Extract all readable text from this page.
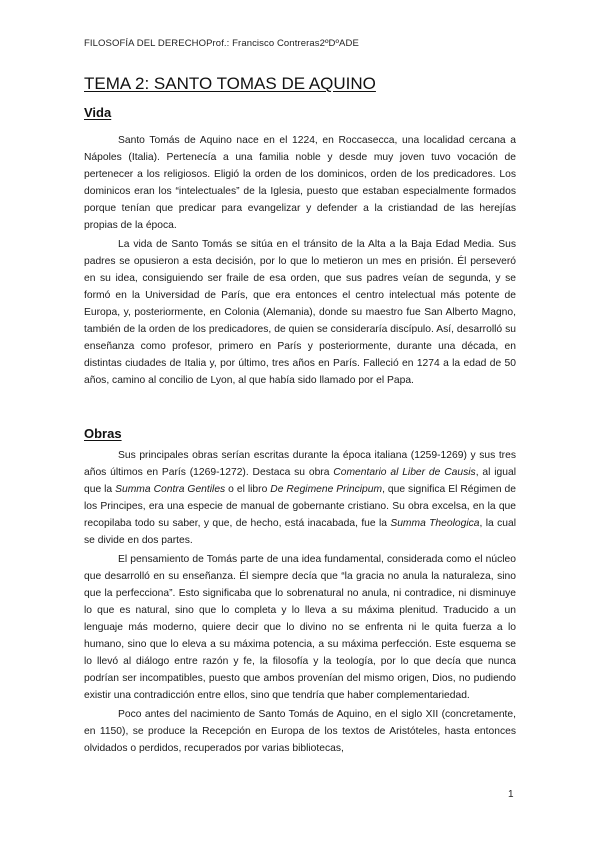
FILOSOFÍA DEL DERECHOProf.: Francisco Contreras2ºDºADE
TEMA 2: SANTO TOMAS DE AQUINO
Vida

Santo Tomás de Aquino nace en el 1224, en Roccasecca, una localidad cercana a Nápoles (Italia). Pertenecía a una familia noble y desde muy joven tuvo vocación de pertenecer a los religiosos. Eligió la orden de los dominicos, orden de los predicadores. Los dominicos eran los “intelectuales” de la Iglesia, puesto que estaban especialmente formados porque tenían que predicar para evangelizar y defender a la cristiandad de las herejías propias de la época.

La vida de Santo Tomás se sitúa en el tránsito de la Alta a la Baja Edad Media. Sus padres se opusieron a esta decisión, por lo que lo metieron un mes en prisión. Él perseveró en su idea, consiguiendo ser fraile de esa orden, que sus padres veían de segunda, y se formó en la Universidad de París, que era entonces el centro intelectual más potente de Europa, y, posteriormente, en Colonia (Alemania), donde su maestro fue San Alberto Magno, también de la orden de los predicadores, de quien se consideraría discípulo. Así, desarrolló su enseñanza como profesor, primero en París y posteriormente, durante una década, en distintas ciudades de Italia y, por último, tres años en París. Falleció en 1274 a la edad de 50 años, camino al concilio de Lyon, al que había sido llamado por el Papa.

Obras

Sus principales obras serían escritas durante la época italiana (1259-1269) y sus tres años últimos en París (1269-1272). Destaca su obra Comentario al Liber de Causis, al igual que la Summa Contra Gentiles o el libro De Regimene Principum, que significa El Régimen de los Principes, era una especie de manual de gobernante cristiano. Su obra excelsa, en la que recopilaba todo su saber, y que, de hecho, está inacabada, fue la Summa Theologica, la cual se divide en dos partes.

El pensamiento de Tomás parte de una idea fundamental, considerada como el núcleo que desarrolló en su enseñanza. Él siempre decía que “la gracia no anula la naturaleza, sino que la perfecciona”. Esto significaba que lo sobrenatural no anula, ni contradice, ni disminuye lo que es natural, sino que lo completa y lo lleva a su máxima plenitud. Traducido a un lenguaje más moderno, quiere decir que lo divino no se enfrenta ni le quita fuerza a lo humano, sino que lo eleva a su máxima potencia, a su máxima perfección. Este esquema se lo llevó al diálogo entre razón y fe, la filosofía y la teología, por lo que decía que nunca podrían ser incompatibles, puesto que ambos provenían del mismo origen, Dios, no pudiendo existir una contradicción entre ellos, sino que tendría que haber complementariedad.

Poco antes del nacimiento de Santo Tomás de Aquino, en el siglo XII (concretamente, en 1150), se produce la Recepción en Europa de los textos de Aristóteles, hasta entonces olvidados o perdidos, recuperados por varias bibliotecas,

1
